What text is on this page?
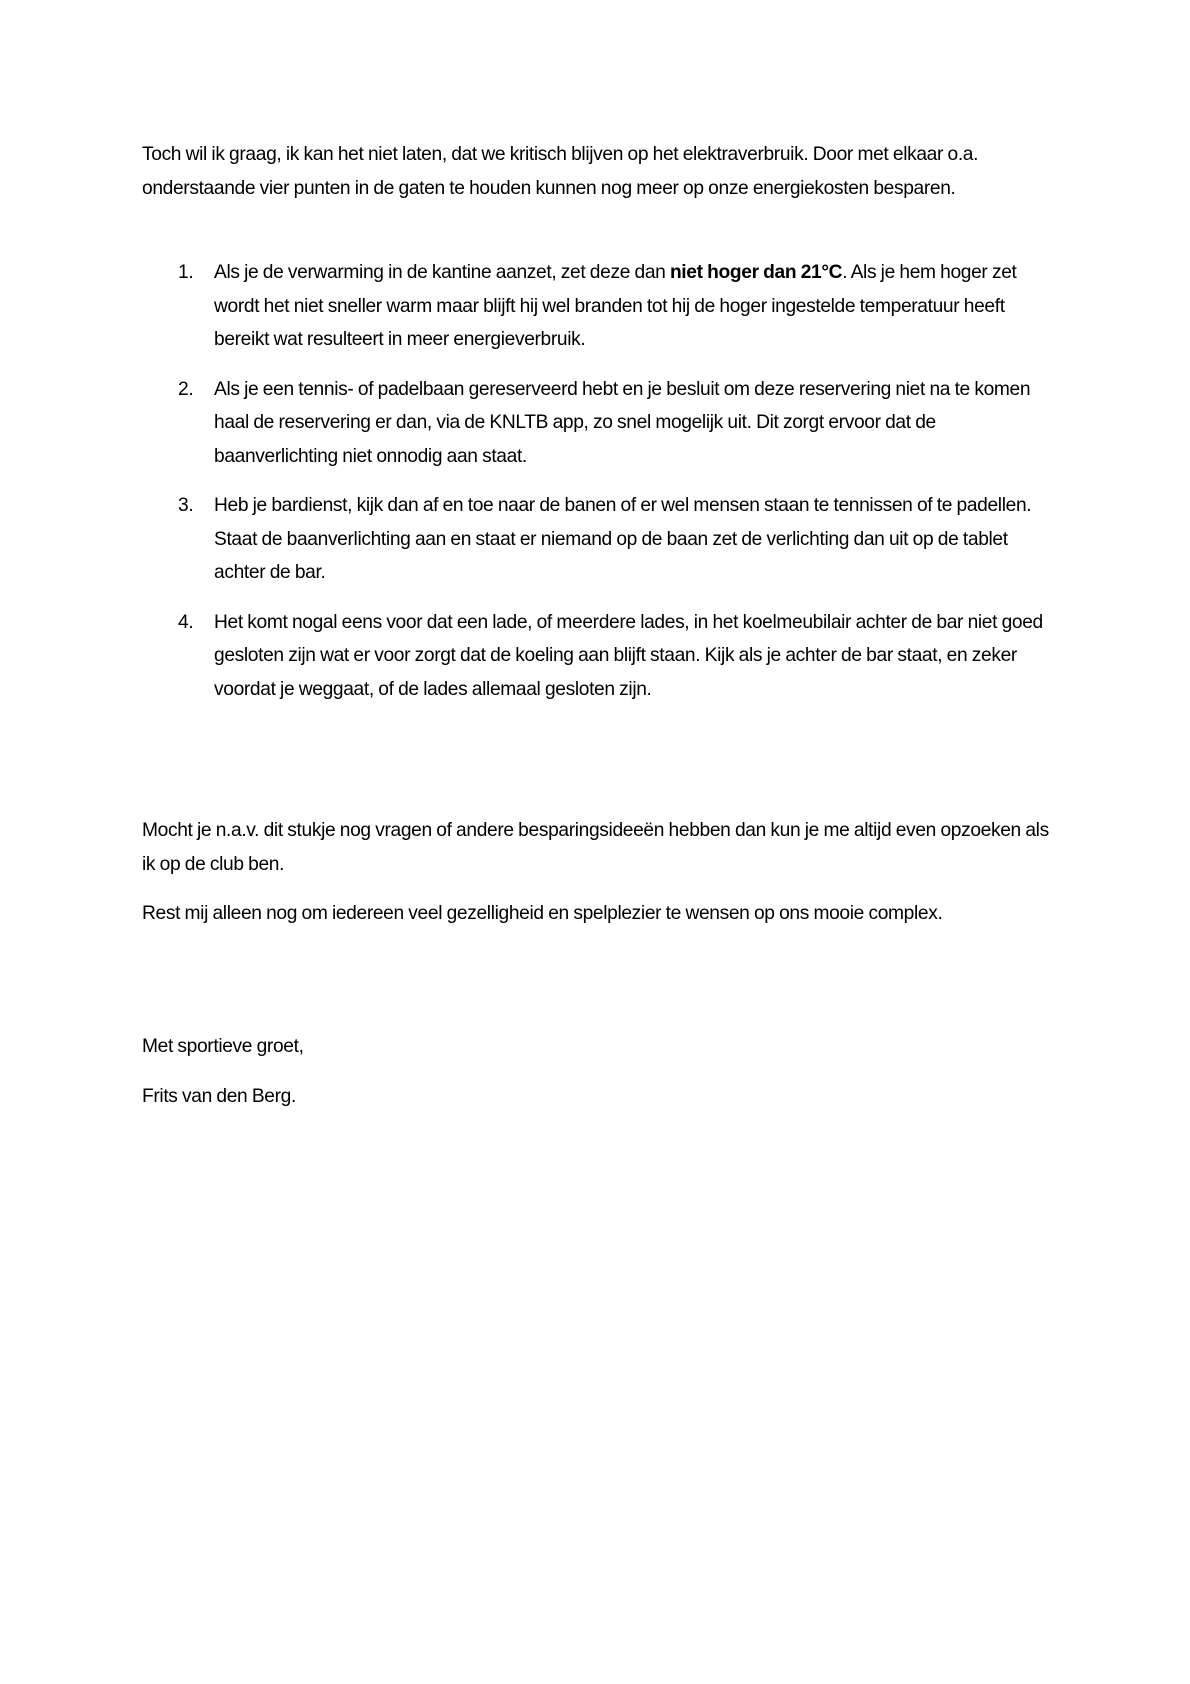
Toch wil ik graag, ik kan het niet laten, dat we kritisch blijven op het elektraverbruik. Door met elkaar o.a. onderstaande vier punten in de gaten te houden kunnen nog meer op onze energiekosten besparen.

1. Als je de verwarming in de kantine aanzet, zet deze dan niet hoger dan 21°C. Als je hem hoger zet wordt het niet sneller warm maar blijft hij wel branden tot hij de hoger ingestelde temperatuur heeft bereikt wat resulteert in meer energieverbruik.
2. Als je een tennis- of padelbaan gereserveerd hebt en je besluit om deze reservering niet na te komen haal de reservering er dan, via de KNLTB app, zo snel mogelijk uit. Dit zorgt ervoor dat de baanverlichting niet onnodig aan staat.
3. Heb je bardienst, kijk dan af en toe naar de banen of er wel mensen staan te tennissen of te padellen. Staat de baanverlichting aan en staat er niemand op de baan zet de verlichting dan uit op de tablet achter de bar.
4. Het komt nogal eens voor dat een lade, of meerdere lades, in het koelmeubilair achter de bar niet goed gesloten zijn wat er voor zorgt dat de koeling aan blijft staan. Kijk als je achter de bar staat, en zeker voordat je weggaat, of de lades allemaal gesloten zijn.

Mocht je n.a.v. dit stukje nog vragen of andere besparingsideeën hebben dan kun je me altijd even opzoeken als ik op de club ben.

Rest mij alleen nog om iedereen veel gezelligheid en spelplezier te wensen op ons mooie complex.

Met sportieve groet,

Frits van den Berg.
